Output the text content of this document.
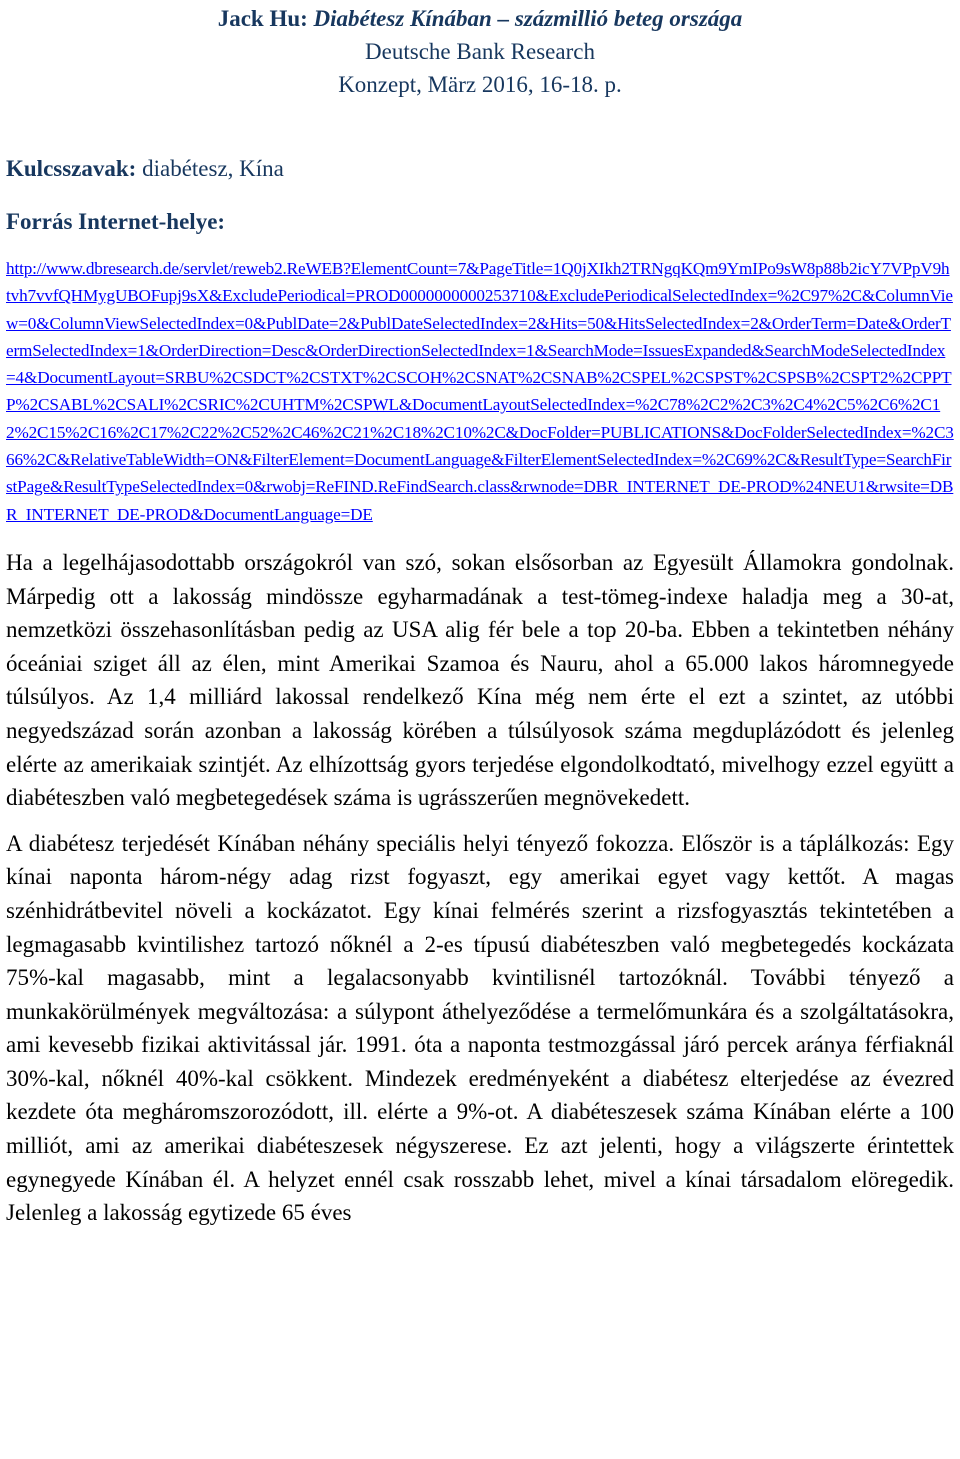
Jack Hu: Diabétesz Kínában – százmillió beteg országa
Deutsche Bank Research
Konzept, März 2016, 16-18. p.
Kulcsszavak: diabétesz, Kína
Forrás Internet-helye:
http://www.dbresearch.de/servlet/reweb2.ReWEB?ElementCount=7&PageTitle=1Q0jXIkh2TRNgqKQm9YmIPo9sW8p88b2icY7VPpV9htvh7vvfQHMygUBOFupj9sX&ExcludePeriodical=PROD0000000000253710&ExcludePeriodicalSelectedIndex=%2C97%2C&ColumnView=0&ColumnViewSelectedIndex=0&PublDate=2&PublDateSelectedIndex=2&Hits=50&HitsSelectedIndex=2&OrderTerm=Date&OrderTermSelectedIndex=1&OrderDirection=Desc&OrderDirectionSelectedIndex=1&SearchMode=IssuesExpanded&SearchModeSelectedIndex=4&DocumentLayout=SRBU%2CSDCT%2CSTXT%2CSCOH%2CSNAT%2CSNAB%2CSPEL%2CSPST%2CSPSB%2CSPT2%2CPPTP%2CSABL%2CSALI%2CSRIC%2CUHTM%2CSPWL&DocumentLayoutSelectedIndex=%2C78%2C2%2C3%2C4%2C5%2C6%2C12%2C15%2C16%2C17%2C22%2C52%2C46%2C21%2C18%2C10%2C&DocFolder=PUBLICATIONS&DocFolderSelectedIndex=%2C366%2C&RelativeTableWidth=ON&FilterElement=DocumentLanguage&FilterElementSelectedIndex=%2C69%2C&ResultType=SearchFirstPage&ResultTypeSelectedIndex=0&rwobj=ReFIND.ReFindSearch.class&rwnode=DBR_INTERNET_DE-PROD%24NEU1&rwsite=DBR_INTERNET_DE-PROD&DocumentLanguage=DE
Ha a legelhájasodottabb országokról van szó, sokan elsősorban az Egyesült Államokra gondolnak. Márpedig ott a lakosság mindössze egyharmadának a test-tömeg-indexe haladja meg a 30-at, nemzetközi összehasonlításban pedig az USA alig fér bele a top 20-ba. Ebben a tekintetben néhány óceániai sziget áll az élen, mint Amerikai Szamoa és Nauru, ahol a 65.000 lakos háromnegyede túlsúlyos. Az 1,4 milliárd lakossal rendelkező Kína még nem érte el ezt a szintet, az utóbbi negyedszázad során azonban a lakosság körében a túlsúlyosok száma megduplázódott és jelenleg elérte az amerikaiak szintjét. Az elhízottság gyors terjedése elgondolkodtató, mivelhogy ezzel együtt a diabéteszben való megbetegedések száma is ugrásszerűen megnövekedett.
A diabétesz terjedését Kínában néhány speciális helyi tényező fokozza. Először is a táplálkozás: Egy kínai naponta három-négy adag rizst fogyaszt, egy amerikai egyet vagy kettőt. A magas szénhidrátbevitel növeli a kockázatot. Egy kínai felmérés szerint a rizsfogyasztás tekintetében a legmagasabb kvintilishez tartozó nőknél a 2-es típusú diabéteszben való megbetegedés kockázata 75%-kal magasabb, mint a legalacsonyabb kvintilisnél tartozóknál. További tényező a munkakörülmények megváltozása: a súlypont áthelyeződése a termelőmunkára és a szolgáltatásokra, ami kevesebb fizikai aktivitással jár. 1991. óta a naponta testmozgással járó percek aránya férfiaknál 30%-kal, nőknél 40%-kal csökkent. Mindezek eredményeként a diabétesz elterjedése az évezred kezdete óta megháromszorozódott, ill. elérte a 9%-ot. A diabéteszesek száma Kínában elérte a 100 milliót, ami az amerikai diabéteszesek négyszerese. Ez azt jelenti, hogy a világszerte érintettek egynegyede Kínában él. A helyzet ennél csak rosszabb lehet, mivel a kínai társadalom elöregedik. Jelenleg a lakosság egytizede 65 éves
